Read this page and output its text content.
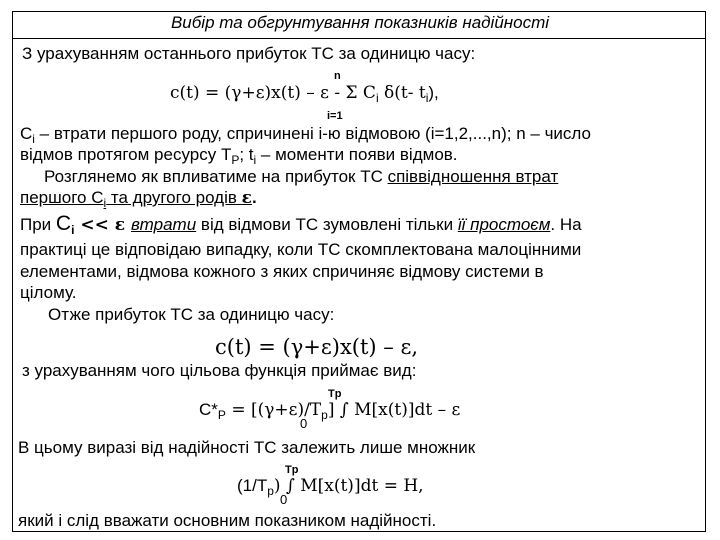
Вибір та обгрунтування показників надійності
З урахуванням останнього прибуток ТС за одиницю часу:
n
c(t) = (γ+ε)x(t) – ε - Σ $C_i$ δ(t- $t_i$),
i=1
$C_i$ – втрати першого роду, спричинені i-ю відмовою (i=1,2,...,n); n – число
відмов протягом ресурсу $T_P$; $t_i$ – моменти появи відмов.
Розглянемо як впливатиме на прибуток ТС співвідношення втрат
першого $C_i$ та другого родів ε.
При $C_i << \varepsilon$ втрати від відмови ТС зумовлені тільки її простоєм. На
практиці це відповідаю випадку, коли ТС скомплектована малоцінними
елементами, відмова кожного з яких спричиняє відмову системи в
цілому.
Отже прибуток ТС за одиницю часу:
c(t) = (γ+ε)x(t) – ε,
з урахуванням чого цільова функція приймає вид:
Tp
$C*_P = [(\gamma+\varepsilon)/T_p]$ ∫ M[x(t)]dt – ε
0
В цьому виразі від надійності ТС залежить лише множник
Tp
$(1/T_p)$ ∫ M[x(t)]dt = H,
0
який і слід вважати основним показником надійності.
